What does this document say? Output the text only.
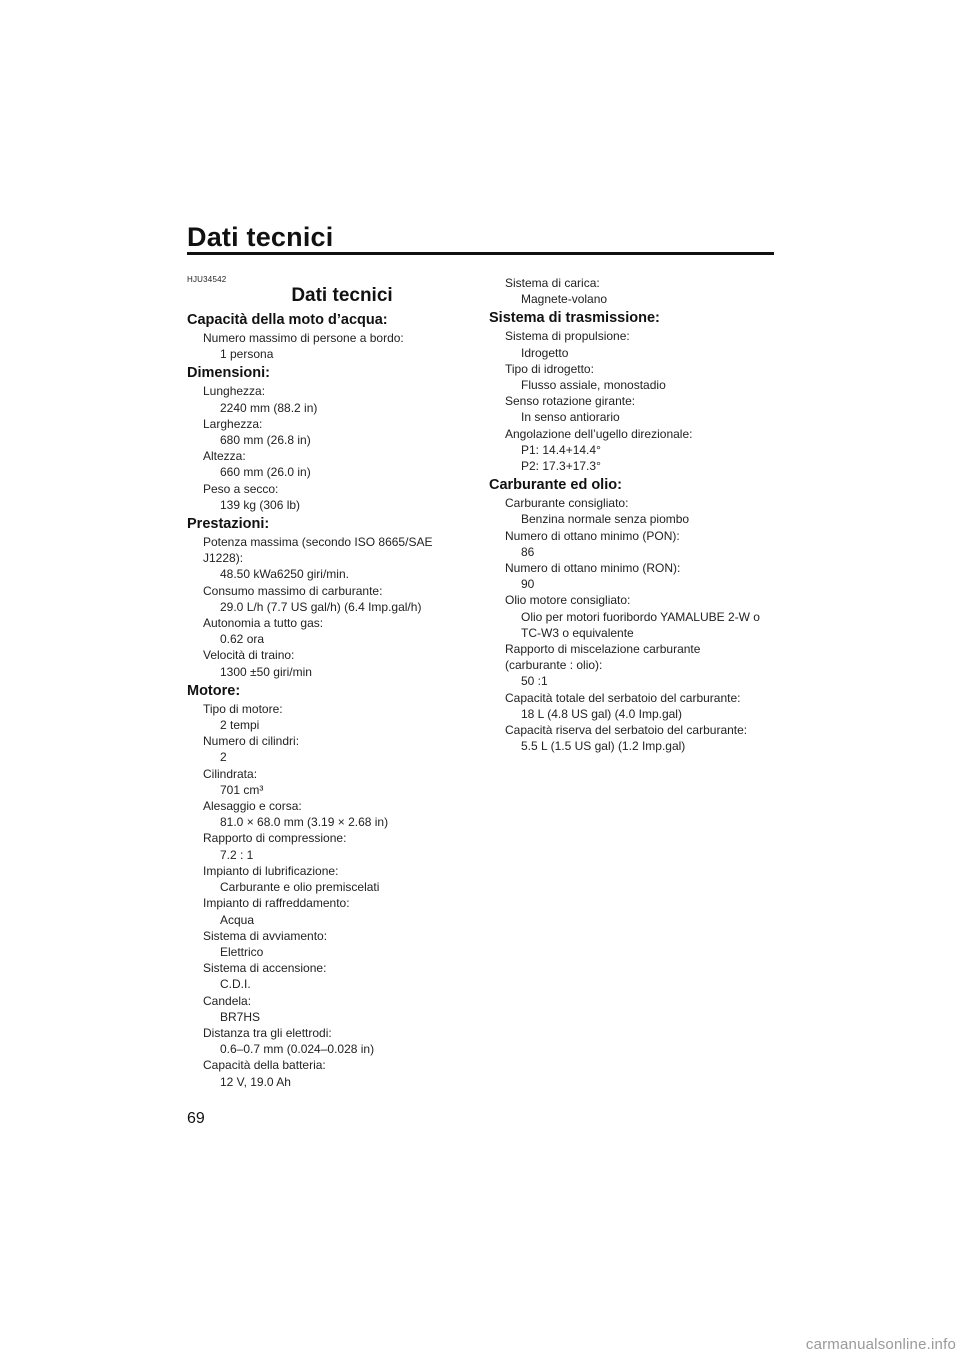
Dati tecnici
HJU34542
Dati tecnici
Capacità della moto d’acqua:
Numero massimo di persone a bordo:
1 persona
Dimensioni:
Lunghezza:
2240 mm (88.2 in)
Larghezza:
680 mm (26.8 in)
Altezza:
660 mm (26.0 in)
Peso a secco:
139 kg (306 lb)
Prestazioni:
Potenza massima (secondo ISO 8665/SAE
J1228):
48.50 kWa6250 giri/min.
Consumo massimo di carburante:
29.0 L/h (7.7 US gal/h) (6.4 Imp.gal/h)
Autonomia a tutto gas:
0.62 ora
Velocità di traino:
1300 ±50 giri/min
Motore:
Tipo di motore:
2 tempi
Numero di cilindri:
2
Cilindrata:
701 cm³
Alesaggio e corsa:
81.0 × 68.0 mm (3.19 × 2.68 in)
Rapporto di compressione:
7.2 : 1
Impianto di lubrificazione:
Carburante e olio premiscelati
Impianto di raffreddamento:
Acqua
Sistema di avviamento:
Elettrico
Sistema di accensione:
C.D.I.
Candela:
BR7HS
Distanza tra gli elettrodi:
0.6–0.7 mm (0.024–0.028 in)
Capacità della batteria:
12 V, 19.0 Ah
Sistema di carica:
Magnete-volano
Sistema di trasmissione:
Sistema di propulsione:
Idrogetto
Tipo di idrogetto:
Flusso assiale, monostadio
Senso rotazione girante:
In senso antiorario
Angolazione dell’ugello direzionale:
P1: 14.4+14.4°
P2: 17.3+17.3°
Carburante ed olio:
Carburante consigliato:
Benzina normale senza piombo
Numero di ottano minimo (PON):
86
Numero di ottano minimo (RON):
90
Olio motore consigliato:
Olio per motori fuoribordo YAMALUBE 2-W o
TC-W3 o equivalente
Rapporto di miscelazione carburante
(carburante : olio):
50 :1
Capacità totale del serbatoio del carburante:
18 L (4.8 US gal) (4.0 Imp.gal)
Capacità riserva del serbatoio del carburante:
5.5 L (1.5 US gal) (1.2 Imp.gal)
69
carmanualsonline.info
